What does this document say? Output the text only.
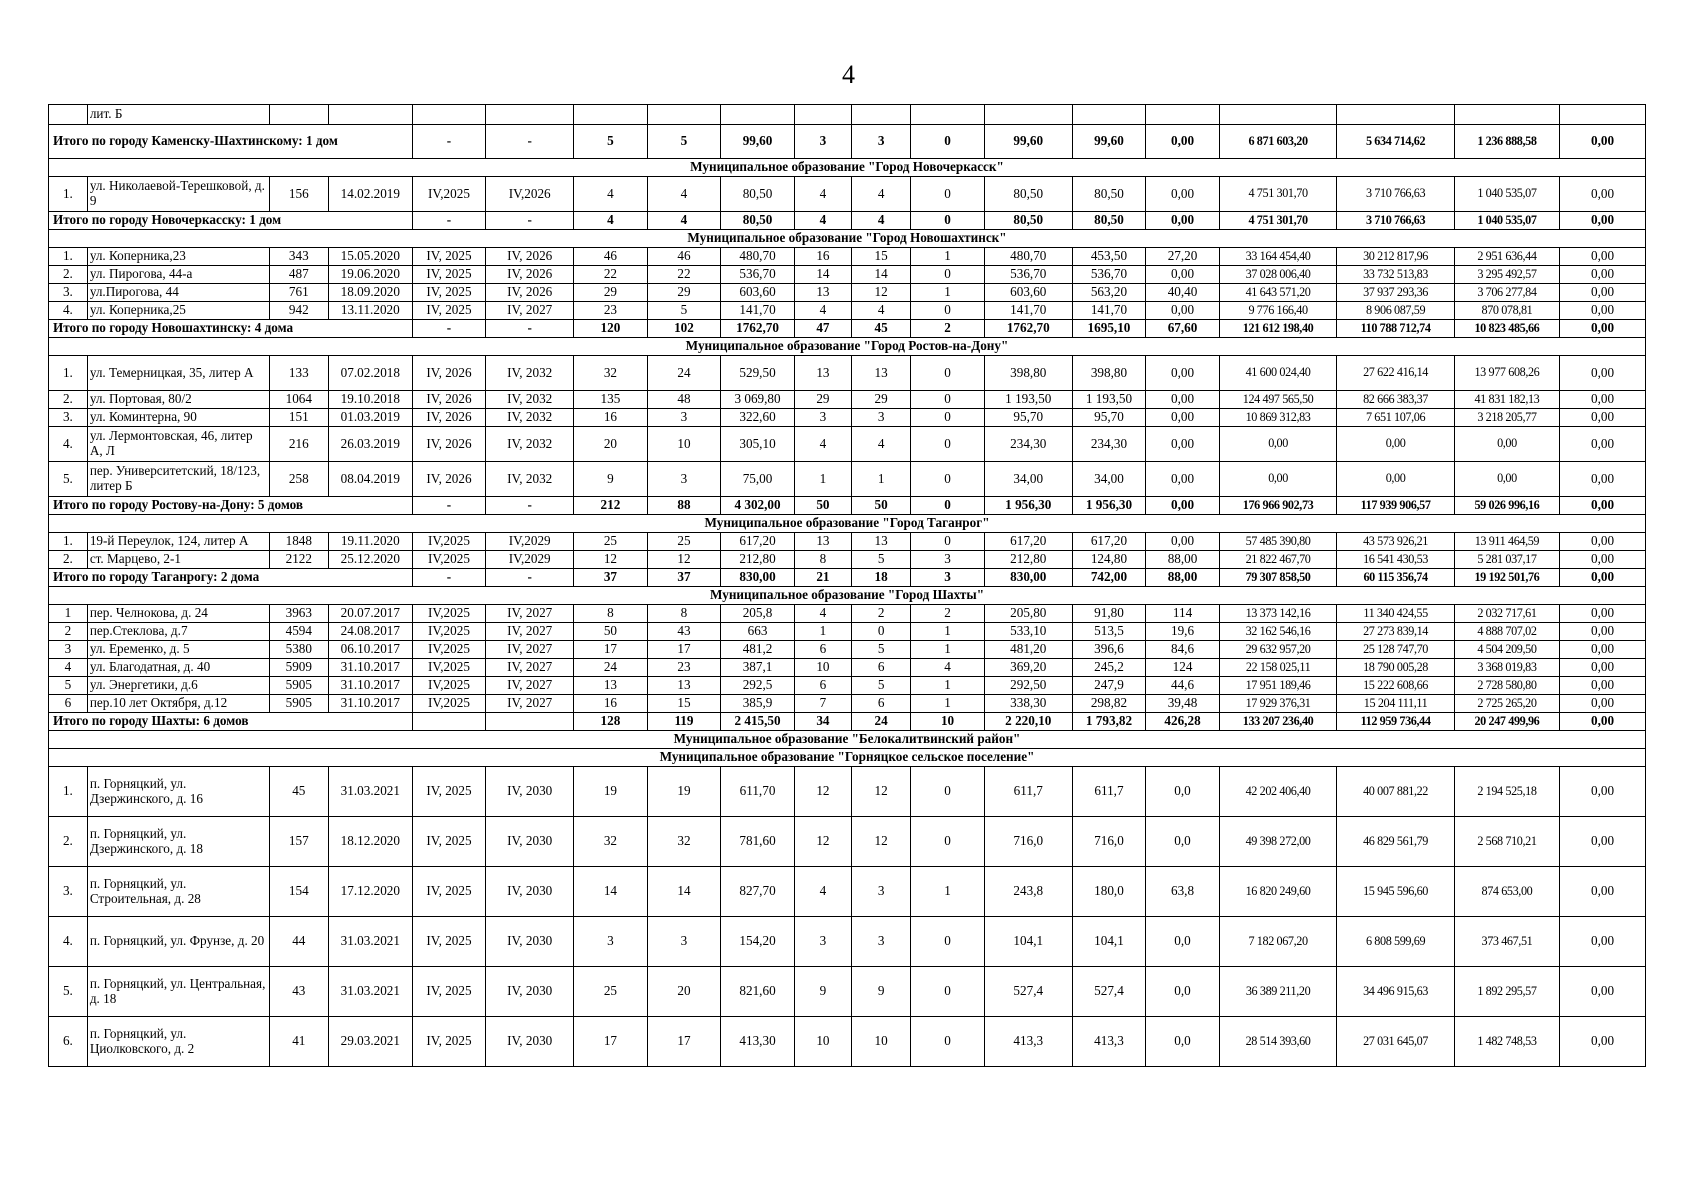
4
	лит. Б																	
Итого по городу Каменску-Шахтинскому: 1 дом				-	-	5	5	99,60	3	3	0	99,60	99,60	0,00	6 871 603,20	5 634 714,62	1 236 888,58	0,00
Муниципальное образование "Город Новочеркасск"																		
1.	ул. Николаевой-Терешковой, д. 9	156	14.02.2019	IV,2025	IV,2026	4	4	80,50	4	4	0	80,50	80,50	0,00	4 751 301,70	3 710 766,63	1 040 535,07	0,00
Итого по городу Новочеркасску: 1 дом				-	-	4	4	80,50	4	4	0	80,50	80,50	0,00	4 751 301,70	3 710 766,63	1 040 535,07	0,00
Муниципальное образование "Город Новошахтинск"																		
1.	ул. Коперника,23	343	15.05.2020	IV, 2025	IV, 2026	46	46	480,70	16	15	1	480,70	453,50	27,20	33 164 454,40	30 212 817,96	2 951 636,44	0,00
2.	ул. Пирогова, 44-а	487	19.06.2020	IV, 2025	IV, 2026	22	22	536,70	14	14	0	536,70	536,70	0,00	37 028 006,40	33 732 513,83	3 295 492,57	0,00
3.	ул.Пирогова, 44	761	18.09.2020	IV, 2025	IV, 2026	29	29	603,60	13	12	1	603,60	563,20	40,40	41 643 571,20	37 937 293,36	3 706 277,84	0,00
4.	ул. Коперника,25	942	13.11.2020	IV, 2025	IV, 2027	23	5	141,70	4	4	0	141,70	141,70	0,00	9 776 166,40	8 906 087,59	870 078,81	0,00
Итого по городу Новошахтинску: 4 дома				-	-	120	102	1762,70	47	45	2	1762,70	1695,10	67,60	121 612 198,40	110 788 712,74	10 823 485,66	0,00
Муниципальное образование "Город Ростов-на-Дону"																		
1.	ул. Темерницкая, 35, литер А	133	07.02.2018	IV, 2026	IV, 2032	32	24	529,50	13	13	0	398,80	398,80	0,00	41 600 024,40	27 622 416,14	13 977 608,26	0,00
2.	ул. Портовая, 80/2	1064	19.10.2018	IV, 2026	IV, 2032	135	48	3 069,80	29	29	0	1 193,50	1 193,50	0,00	124 497 565,50	82 666 383,37	41 831 182,13	0,00
3.	ул. Коминтерна, 90	151	01.03.2019	IV, 2026	IV, 2032	16	3	322,60	3	3	0	95,70	95,70	0,00	10 869 312,83	7 651 107,06	3 218 205,77	0,00
4.	ул. Лермонтовская, 46, литер А, Л	216	26.03.2019	IV, 2026	IV, 2032	20	10	305,10	4	4	0	234,30	234,30	0,00	0,00	0,00	0,00	0,00
5.	пер. Университетский, 18/123, литер Б	258	08.04.2019	IV, 2026	IV, 2032	9	3	75,00	1	1	0	34,00	34,00	0,00	0,00	0,00	0,00	0,00
Итого по городу Ростову-на-Дону: 5 домов				-	-	212	88	4 302,00	50	50	0	1 956,30	1 956,30	0,00	176 966 902,73	117 939 906,57	59 026 996,16	0,00
Муниципальное образование "Город Таганрог"																		
1.	19-й Переулок, 124, литер А	1848	19.11.2020	IV,2025	IV,2029	25	25	617,20	13	13	0	617,20	617,20	0,00	57 485 390,80	43 573 926,21	13 911 464,59	0,00
2.	ст. Марцево, 2-1	2122	25.12.2020	IV,2025	IV,2029	12	12	212,80	8	5	3	212,80	124,80	88,00	21 822 467,70	16 541 430,53	5 281 037,17	0,00
Итого по городу Таганрогу: 2 дома				-	-	37	37	830,00	21	18	3	830,00	742,00	88,00	79 307 858,50	60 115 356,74	19 192 501,76	0,00
Муниципальное образование "Город Шахты"																		
1	пер. Челнокова, д. 24	3963	20.07.2017	IV,2025	IV, 2027	8	8	205,8	4	2	2	205,80	91,80	114	13 373 142,16	11 340 424,55	2 032 717,61	0,00
2	пер.Стеклова, д.7	4594	24.08.2017	IV,2025	IV, 2027	50	43	663	1	0	1	533,10	513,5	19,6	32 162 546,16	27 273 839,14	4 888 707,02	0,00
3	ул. Еременко, д. 5	5380	06.10.2017	IV,2025	IV, 2027	17	17	481,2	6	5	1	481,20	396,6	84,6	29 632 957,20	25 128 747,70	4 504 209,50	0,00
4	ул. Благодатная, д. 40	5909	31.10.2017	IV,2025	IV, 2027	24	23	387,1	10	6	4	369,20	245,2	124	22 158 025,11	18 790 005,28	3 368 019,83	0,00
5	ул. Энергетики, д.6	5905	31.10.2017	IV,2025	IV, 2027	13	13	292,5	6	5	1	292,50	247,9	44,6	17 951 189,46	15 222 608,66	2 728 580,80	0,00
6	пер.10 лет Октября, д.12	5905	31.10.2017	IV,2025	IV, 2027	16	15	385,9	7	6	1	338,30	298,82	39,48	17 929 376,31	15 204 111,11	2 725 265,20	0,00
Итого по городу Шахты: 6 домов						128	119	2 415,50	34	24	10	2 220,10	1 793,82	426,28	133 207 236,40	112 959 736,44	20 247 499,96	0,00
Муниципальное образование "Белокалитвинский район"																		
Муниципальное образование "Горняцкое сельское поселение"																		
1.	п. Горняцкий, ул. Дзержинского, д. 16	45	31.03.2021	IV, 2025	IV, 2030	19	19	611,70	12	12	0	611,7	611,7	0,0	42 202 406,40	40 007 881,22	2 194 525,18	0,00
2.	п. Горняцкий, ул. Дзержинского, д. 18	157	18.12.2020	IV, 2025	IV, 2030	32	32	781,60	12	12	0	716,0	716,0	0,0	49 398 272,00	46 829 561,79	2 568 710,21	0,00
3.	п. Горняцкий, ул. Строительная, д. 28	154	17.12.2020	IV, 2025	IV, 2030	14	14	827,70	4	3	1	243,8	180,0	63,8	16 820 249,60	15 945 596,60	874 653,00	0,00
4.	п. Горняцкий, ул. Фрунзе, д. 20	44	31.03.2021	IV, 2025	IV, 2030	3	3	154,20	3	3	0	104,1	104,1	0,0	7 182 067,20	6 808 599,69	373 467,51	0,00
5.	п. Горняцкий, ул. Центральная, д. 18	43	31.03.2021	IV, 2025	IV, 2030	25	20	821,60	9	9	0	527,4	527,4	0,0	36 389 211,20	34 496 915,63	1 892 295,57	0,00
6.	п. Горняцкий, ул. Циолковского, д. 2	41	29.03.2021	IV, 2025	IV, 2030	17	17	413,30	10	10	0	413,3	413,3	0,0	28 514 393,60	27 031 645,07	1 482 748,53	0,00
